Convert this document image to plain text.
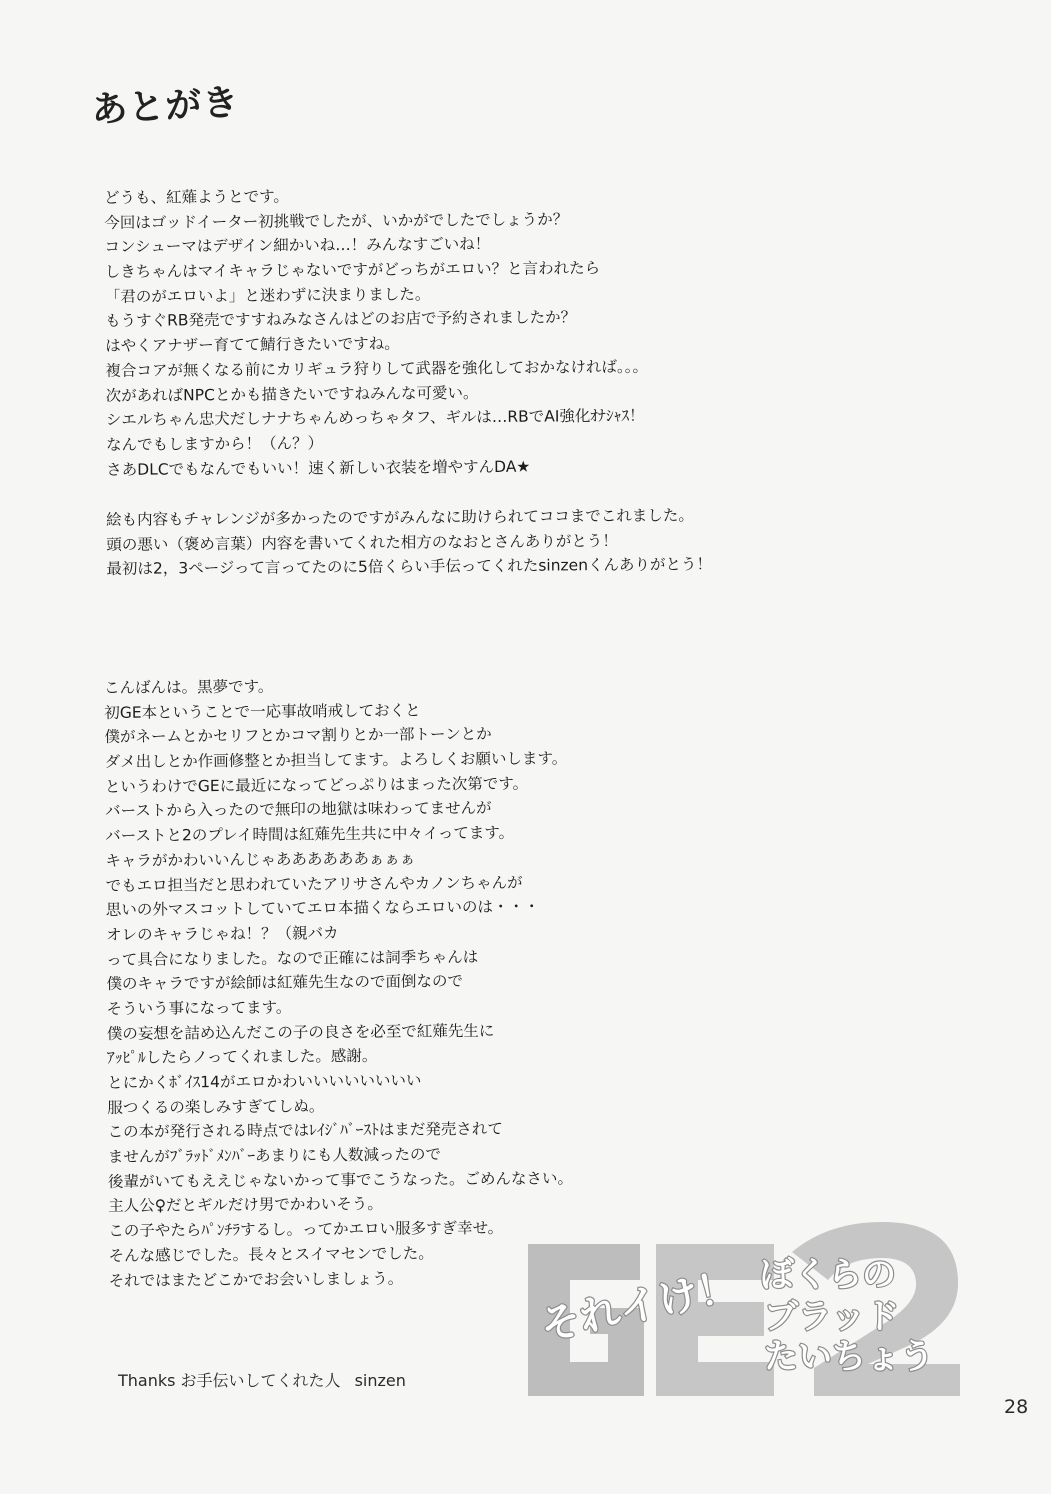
あとがき
どうも、紅薙ようとです。
今回はゴッドイーター初挑戦でしたが、いかがでしたでしょうか？
コンシューマはデザイン細かいね…！みんなすごいね！
しきちゃんはマイキャラじゃないですがどっちがエロい？と言われたら
「君のがエロいよ」と迷わずに決まりました。
もうすぐRB発売ですすねみなさんはどのお店で予約されましたか？
はやくアナザー育てて鯖行きたいですね。
複合コアが無くなる前にカリギュラ狩りして武器を強化しておかなければ。。。
次があればNPCとかも描きたいですねみんな可愛い。
シエルちゃん忠犬だしナナちゃんめっちゃタフ、ギルは…RBでAI強化ｵﾅｼｬｽ！
なんでもしますから！（ん？）
さあDLCでもなんでもいい！速く新しい衣装を増やすんDA★
絵も内容もチャレンジが多かったのですがみんなに助けられてココまでこれました。
頭の悪い（褒め言葉）内容を書いてくれた相方のなおとさんありがとう！
最初は2，3ページって言ってたのに5倍くらい手伝ってくれたsinzenくんありがとう！
こんばんは。黒夢です。
初GE本ということで一応事故哨戒しておくと
僕がネームとかセリフとかコマ割りとか一部トーンとか
ダメ出しとか作画修整とか担当してます。よろしくお願いします。
というわけでGEに最近になってどっぷりはまった次第です。
バーストから入ったので無印の地獄は味わってませんが
バーストと2のプレイ時間は紅薙先生共に中々イってます。
キャラがかわいいんじゃああああああぁぁぁ
でもエロ担当だと思われていたアリサさんやカノンちゃんが
思いの外マスコットしていてエロ本描くならエロいのは・・・
オレのキャラじゃね！？（親バカ
って具合になりました。なので正確には詞季ちゃんは
僕のキャラですが絵師は紅薙先生なので面倒なので
そういう事になってます。
僕の妄想を詰め込んだこの子の良さを必至で紅薙先生に
ｱｯﾋﾟﾙしたらノってくれました。感謝。
とにかくﾎﾞｲｽ14がエロかわいいいいいいいい
服つくるの楽しみすぎてしぬ。
この本が発行される時点ではﾚｲｼﾞﾊﾞｰｽﾄはまだ発売されて
ませんがﾌﾞﾗｯﾄﾞﾒﾝﾊﾞｰあまりにも人数減ったので
後輩がいてもええじゃないかって事でこうなった。ごめんなさい。
主人公♀だとギルだけ男でかわいそう。
この子やたらﾊﾟﾝﾁﾗするし。ってかエロい服多すぎ幸せ。
そんな感じでした。長々とスイマセンでした。
それではまたどこかでお会いしましょう。	それイけ！ ぼくらの
ブラッド
たいちょう
Thanks お手伝いしてくれた人 sinzen
28
